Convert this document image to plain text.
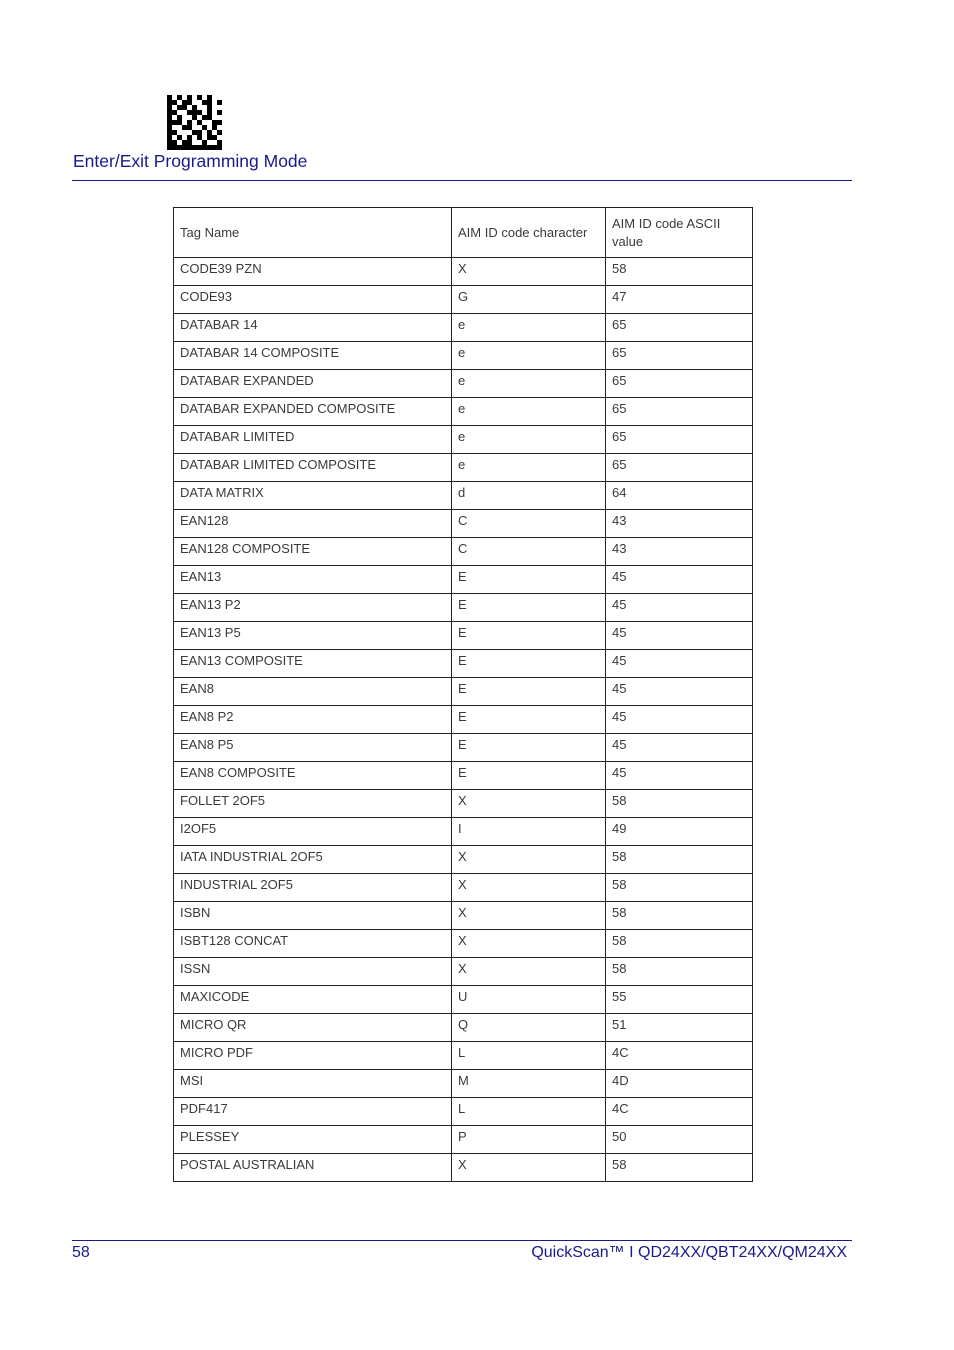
Enter/Exit Programming Mode
Tag Name	AIM ID code character	AIM ID code ASCII value
CODE39 PZN	X	58
CODE93	G	47
DATABAR 14	e	65
DATABAR 14 COMPOSITE	e	65
DATABAR EXPANDED	e	65
DATABAR EXPANDED COMPOSITE	e	65
DATABAR LIMITED	e	65
DATABAR LIMITED COMPOSITE	e	65
DATA MATRIX	d	64
EAN128	C	43
EAN128 COMPOSITE	C	43
EAN13	E	45
EAN13 P2	E	45
EAN13 P5	E	45
EAN13 COMPOSITE	E	45
EAN8	E	45
EAN8 P2	E	45
EAN8 P5	E	45
EAN8 COMPOSITE	E	45
FOLLET 2OF5	X	58
I2OF5	I	49
IATA INDUSTRIAL 2OF5	X	58
INDUSTRIAL 2OF5	X	58
ISBN	X	58
ISBT128 CONCAT	X	58
ISSN	X	58
MAXICODE	U	55
MICRO QR	Q	51
MICRO PDF	L	4C
MSI	M	4D
PDF417	L	4C
PLESSEY	P	50
POSTAL AUSTRALIAN	X	58
58	QuickScan™ I QD24XX/QBT24XX/QM24XX
